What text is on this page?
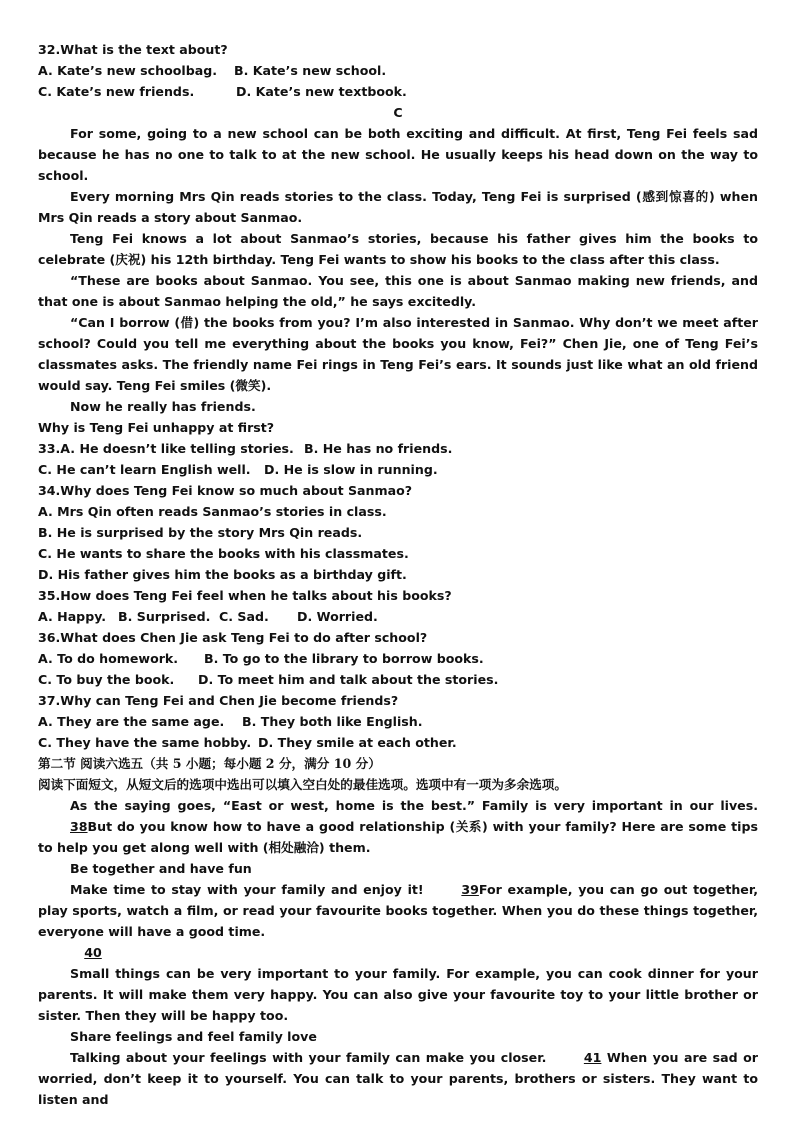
32.What is the text about?

A. Kate’s new schoolbag. B. Kate’s new school.

C. Kate’s new friends.	D. Kate’s new textbook.

C

For some, going to a new school can be both exciting and difficult. At first, Teng Fei feels sad because he has no one to talk to at the new school. He usually keeps his head down on the way to school.

Every morning Mrs Qin reads stories to the class. Today, Teng Fei is surprised (感到惊喜的) when Mrs Qin reads a story about Sanmao.

Teng Fei knows a lot about Sanmao’s stories, because his father gives him the books to celebrate (庆祝) his 12th birthday. Teng Fei wants to show his books to the class after this class.

“These are books about Sanmao. You see, this one is about Sanmao making new friends, and that one is about Sanmao helping the old,” he says excitedly.

“Can I borrow (借) the books from you? I’m also interested in Sanmao. Why don’t we meet after school? Could you tell me everything about the books you know, Fei?” Chen Jie, one of Teng Fei’s classmates asks. The friendly name Fei rings in Teng Fei’s ears. It sounds just like what an old friend would say. Teng Fei smiles (微笑).

Now he really has friends.

Why is Teng Fei unhappy at first?

33.A. He doesn’t like telling stories. B. He has no friends.

C. He can’t learn English well. D. He is slow in running.

34.Why does Teng Fei know so much about Sanmao?

A. Mrs Qin often reads Sanmao’s stories in class.

B. He is surprised by the story Mrs Qin reads.

C. He wants to share the books with his classmates.

D. His father gives him the books as a birthday gift.

35.How does Teng Fei feel when he talks about his books?

A. Happy. B. Surprised. C. Sad. D. Worried.

36.What does Chen Jie ask Teng Fei to do after school?

A. To do homework. B. To go to the library to borrow books.

C. To buy the book. D. To meet him and talk about the stories.

37.Why can Teng Fei and Chen Jie become friends?

A. They are the same age. B. They both like English.

C. They have the same hobby. D. They smile at each other.

第二节 阅读六选五（共 5 小题；每小题 2 分，满分 10 分）

阅读下面短文，从短文后的选项中选出可以填入空白处的最佳选项。选项中有一项为多余选项。

As the saying goes, “East or west, home is the best.” Family is very important in our lives. 38But do you know how to have a good relationship (关系) with your family? Here are some tips to help you get along well with (相处融洽) them.

Be together and have fun

Make time to stay with your family and enjoy it!	39For example, you can go out together, play sports, watch a film, or read your favourite books together. When you do these things together, everyone will have a good time.

40

Small things can be very important to your family. For example, you can cook dinner for your parents. It will make them very happy. You can also give your favourite toy to your little brother or sister. Then they will be happy too.

Share feelings and feel family love

Talking about your feelings with your family can make you closer.	41 When you are sad or worried, don’t keep it to yourself. You can talk to your parents, brothers or sisters. They want to listen and
